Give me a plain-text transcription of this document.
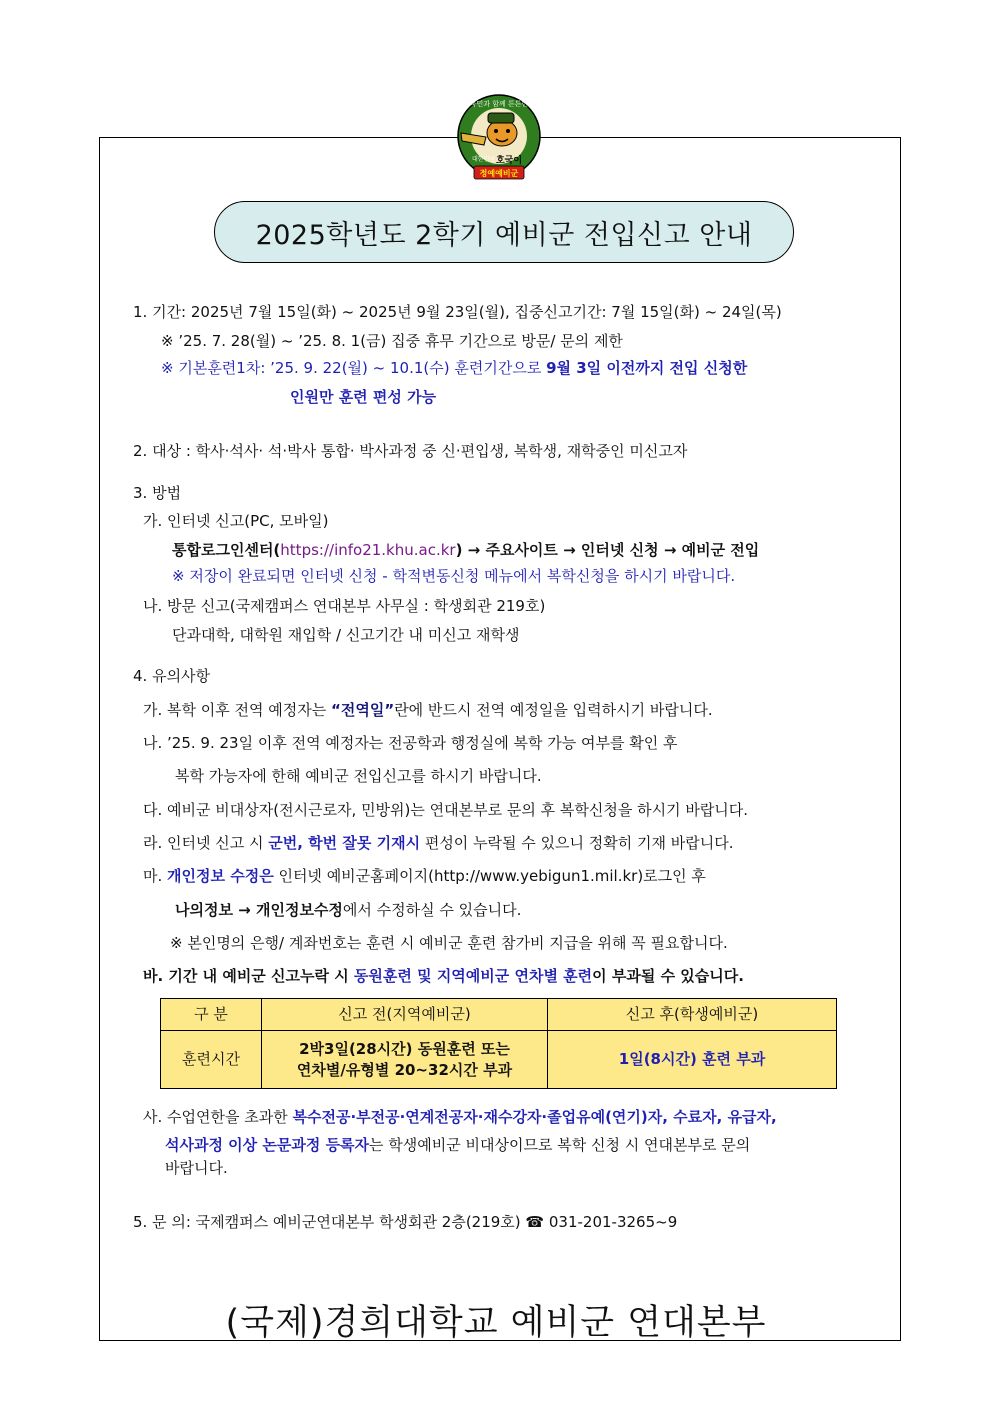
국민과 함께 튼튼한
대한민국 호국이
정예예비군
2025학년도 2학기 예비군 전입신고 안내
1. 기간: 2025년 7월 15일(화) ~ 2025년 9월 23일(월), 집중신고기간: 7월 15일(화) ~ 24일(목)
※ ’25. 7. 28(월) ~ ’25. 8. 1(금) 집중 휴무 기간으로 방문/ 문의 제한
※ 기본훈련1차: ’25. 9. 22(월) ~ 10.1(수) 훈련기간으로 9월 3일 이전까지 전입 신청한
인원만 훈련 편성 가능
2. 대상 : 학사·석사· 석·박사 통합· 박사과정 중 신·편입생, 복학생, 재학중인 미신고자
3. 방법
가. 인터넷 신고(PC, 모바일)
통합로그인센터(https://info21.khu.ac.kr) → 주요사이트 → 인터넷 신청 → 예비군 전입
※ 저장이 완료되면 인터넷 신청 - 학적변동신청 메뉴에서 복학신청을 하시기 바랍니다.
나. 방문 신고(국제캠퍼스 연대본부 사무실 : 학생회관 219호)
단과대학, 대학원 재입학 / 신고기간 내 미신고 재학생
4. 유의사항
가. 복학 이후 전역 예정자는 “전역일”란에 반드시 전역 예정일을 입력하시기 바랍니다.
나. ’25. 9. 23일 이후 전역 예정자는 전공학과 행정실에 복학 가능 여부를 확인 후
복학 가능자에 한해 예비군 전입신고를 하시기 바랍니다.
다. 예비군 비대상자(전시근로자, 민방위)는 연대본부로 문의 후 복학신청을 하시기 바랍니다.
라. 인터넷 신고 시 군번, 학번 잘못 기재시 편성이 누락될 수 있으니 정확히 기재 바랍니다.
마. 개인정보 수정은 인터넷 예비군홈페이지(http://www.yebigun1.mil.kr)로그인 후
나의정보 → 개인정보수정에서 수정하실 수 있습니다.
※ 본인명의 은행/ 계좌번호는 훈련 시 예비군 훈련 참가비 지급을 위해 꼭 필요합니다.
바. 기간 내 예비군 신고누락 시 동원훈련 및 지역예비군 연차별 훈련이 부과될 수 있습니다.
구 분	신고 전(지역예비군)	신고 후(학생예비군)
훈련시간	2박3일(28시간) 동원훈련 또는
연차별/유형별 20~32시간 부과	1일(8시간) 훈련 부과
사. 수업연한을 초과한 복수전공·부전공·연계전공자·재수강자·졸업유예(연기)자, 수료자, 유급자,
석사과정 이상 논문과정 등록자는 학생예비군 비대상이므로 복학 신청 시 연대본부로 문의
바랍니다.
5. 문 의: 국제캠퍼스 예비군연대본부 학생회관 2층(219호) ☎ 031-201-3265~9
(국제)경희대학교 예비군 연대본부
